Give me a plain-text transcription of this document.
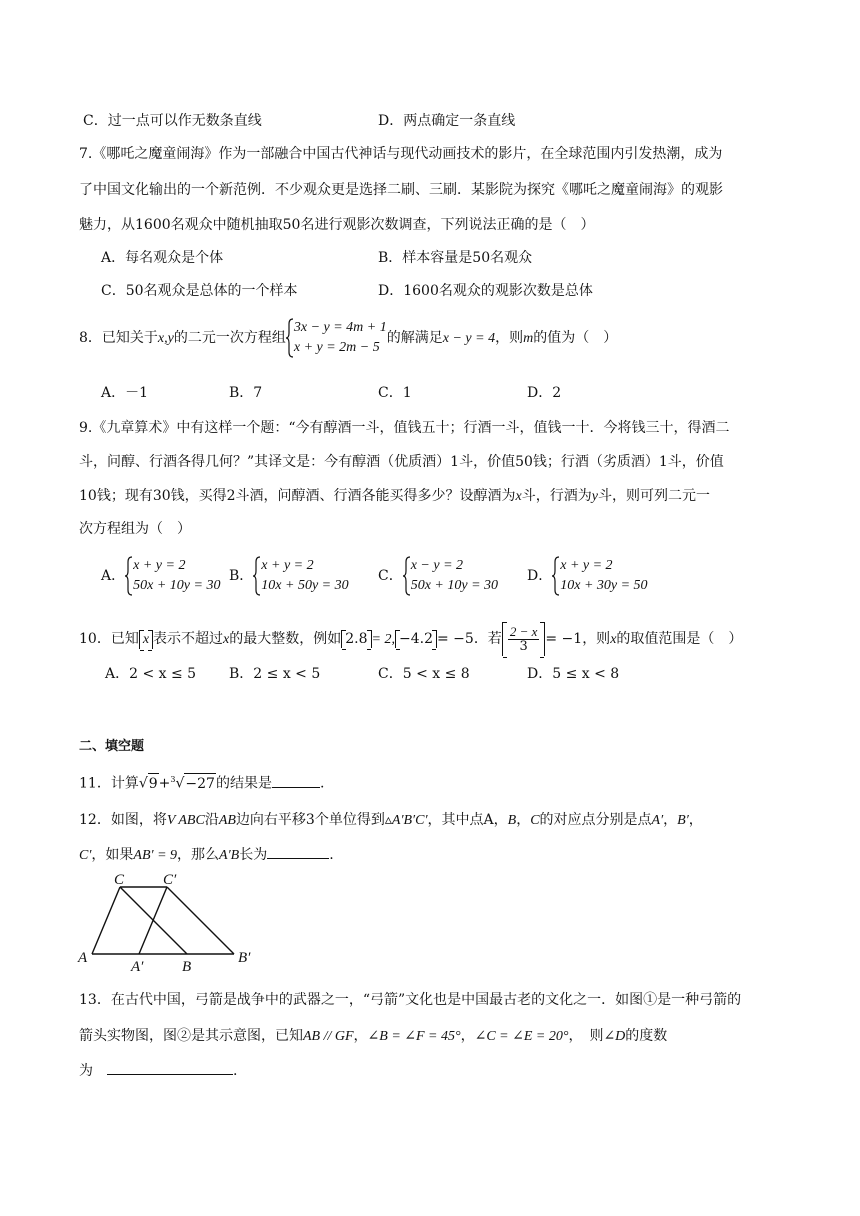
C．过一点可以作无数条直线	D．两点确定一条直线
7.《哪吒之魔童闹海》作为一部融合中国古代神话与现代动画技术的影片，在全球范围内引发热潮，成为
了中国文化输出的一个新范例．不少观众更是选择二刷、三刷．某影院为探究《哪吒之魔童闹海》的观影
魅力，从1600名观众中随机抽取50名进行观影次数调查，下列说法正确的是（　）
A．每名观众是个体	B．样本容量是50名观众
C．50名观众是总体的一个样本	D．1600名观众的观影次数是总体
8．已知关于x,y的二元一次方程组
3x − y = 4m + 1
x + y = 2m − 5
的解满足x − y = 4，则m的值为（　）
A．－1	B．7	C．1	D．2
9.《九章算术》中有这样一个题：“今有醇酒一斗，值钱五十；行酒一斗，值钱一十．今将钱三十，得酒二
斗，问醇、行酒各得几何？”其译文是：今有醇酒（优质酒）1斗，价值50钱；行酒（劣质酒）1斗，价值
10钱；现有30钱，买得2斗酒，问醇酒、行酒各能买得多少？设醇酒为x斗，行酒为y斗，则可列二元一
次方程组为（　）
A．
x + y = 2
50x + 10y = 30
B．
x + y = 2
10x + 50y = 30
C．
x − y = 2
50x + 10y = 30
D．
x + y = 2
10x + 30y = 50
10．已知 x 表示不超过x的最大整数，例如 2.8 = 2, −4.2 = −5．若 $\frac{2 - x}{3} = -1$，则x的取值范围是（　）
A．2 < x ≤ 5 B．2 ≤ x < 5	C．5 < x ≤ 8	D．5 ≤ x < 8
二、填空题
11．计算√9+$^3$√−27的结果是	.
12．如图，将V ABC沿AB边向右平移3个单位得到▵A′B′C′，其中点A，B，C的对应点分别是点A′，B′，
C′，如果AB′ = 9，那么A′B长为	.
C	C′
A
A′	B
B′
13．在古代中国，弓箭是战争中的武器之一，“弓箭”文化也是中国最古老的文化之一．如图①是一种弓箭的
箭头实物图，图②是其示意图，已知AB // GF，∠B = ∠F = 45°，∠C = ∠E = 20°，　则∠D的度数
为	.
